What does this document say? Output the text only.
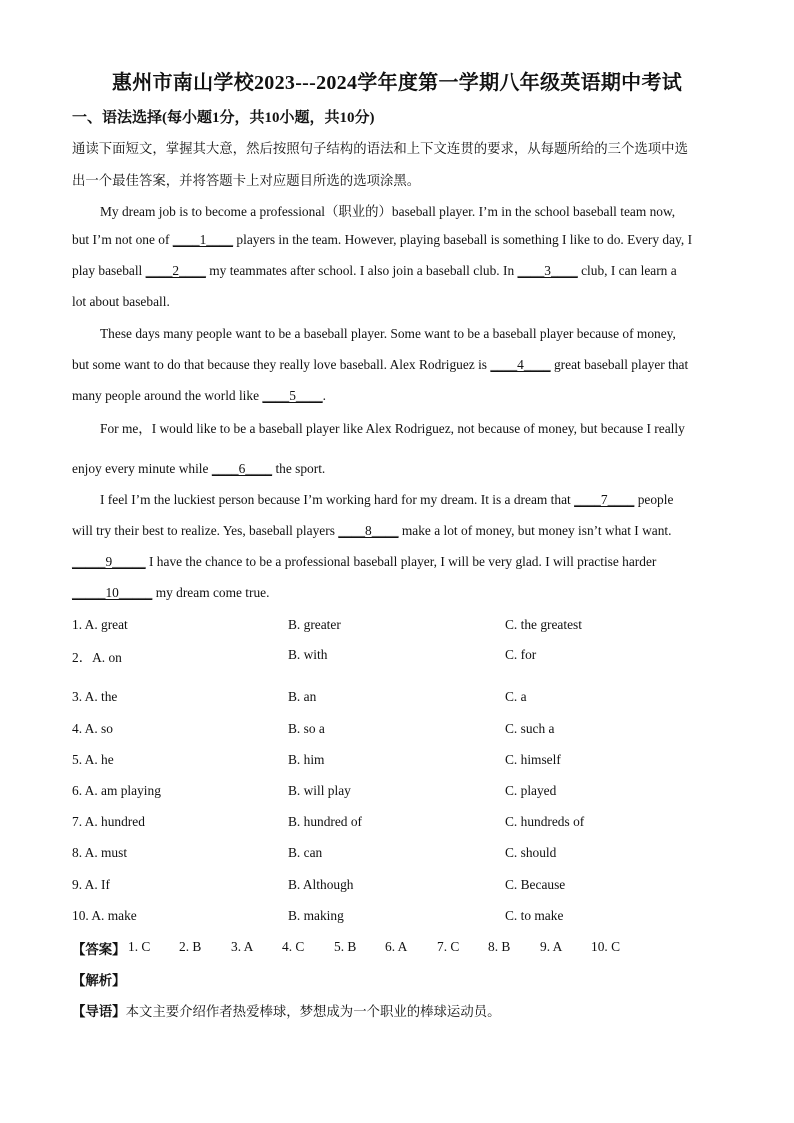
惠州市南山学校2023---2024学年度第一学期八年级英语期中考试
一、语法选择(每小题1分，共10小题，共10分)
通读下面短文，掌握其大意，然后按照句子结构的语法和上下文连贯的要求，从每题所给的三个选项中选
出一个最佳答案，并将答题卡上对应题目所选的选项涂黑。
My dream job is to become a professional（职业的）baseball player. I’m in the school baseball team now,
but I’m not one of ____1____ players in the team. However, playing baseball is something I like to do. Every day, I
play baseball ____2____ my teammates after school. I also join a baseball club. In ____3____ club, I can learn a
lot about baseball.
These days many people want to be a baseball player. Some want to be a baseball player because of money,
but some want to do that because they really love baseball. Alex Rodriguez is ____4____ great baseball player that
many people around the world like ____5____.
For me，I would like to be a baseball player like Alex Rodriguez, not because of money, but because I really
enjoy every minute while ____6____ the sport.
I feel I’m the luckiest person because I’m working hard for my dream. It is a dream that ____7____ people
will try their best to realize. Yes, baseball players ____8____ make a lot of money, but money isn’t what I want.
_____9_____ I have the chance to be a professional baseball player, I will be very glad. I will practise harder
_____10_____ my dream come true.
1. A. great	B. greater	C. the greatest
2．A. on	B. with	C. for
3. A. the	B. an	C. a
4. A. so	B. so a	C. such a
5. A. he	B. him	C. himself
6. A. am playing	B. will play	C. played
7. A. hundred	B. hundred of	C. hundreds of
8. A. must	B. can	C. should
9. A. If	B. Although	C. Because
10. A. make	B. making	C. to make
【答案】 1. C 2. B 3. A 4. C 5. B 6. A 7. C 8. B 9. A 10. C
【解析】
【导语】本文主要介绍作者热爱棒球，梦想成为一个职业的棒球运动员。
